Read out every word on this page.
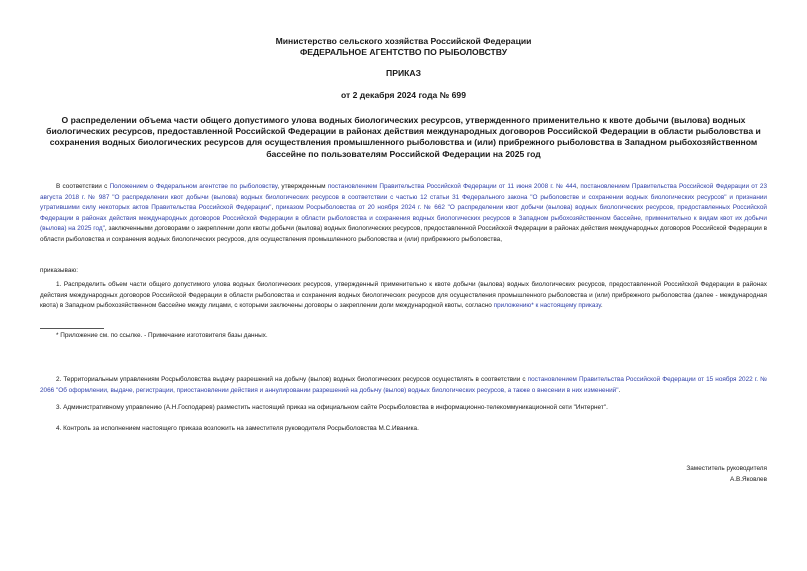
Министерство сельского хозяйства Российской Федерации
ФЕДЕРАЛЬНОЕ АГЕНТСТВО ПО РЫБОЛОВСТВУ
ПРИКАЗ
от 2 декабря 2024 года № 699
О распределении объема части общего допустимого улова водных биологических ресурсов, утвержденного применительно к квоте добычи (вылова) водных биологических ресурсов, предоставленной Российской Федерации в районах действия международных договоров Российской Федерации в области рыболовства и сохранения водных биологических ресурсов для осуществления промышленного рыболовства и (или) прибрежного рыболовства в Западном рыбохозяйственном бассейне по пользователям Российской Федерации на 2025 год
В соответствии с Положением о Федеральном агентстве по рыболовству, утвержденным постановлением Правительства Российской Федерации от 11 июня 2008 г. № 444, постановлением Правительства Российской Федерации от 23 августа 2018 г. № 987 "О распределении квот добычи (вылова) водных биологических ресурсов в соответствии с частью 12 статьи 31 Федерального закона "О рыболовстве и сохранении водных биологических ресурсов" и признании утратившими силу некоторых актов Правительства Российской Федерации", приказом Росрыболовства от 20 ноября 2024 г. № 662 "О распределении квот добычи (вылова) водных биологических ресурсов, предоставленных Российской Федерации в районах действия международных договоров Российской Федерации в области рыболовства и сохранения водных биологических ресурсов в Западном рыбохозяйственном бассейне, применительно к видам квот их добычи (вылова) на 2025 год", заключенными договорами о закреплении доли квоты добычи (вылова) водных биологических ресурсов, предоставленной Российской Федерации в районах действия международных договоров Российской Федерации в области рыболовства и сохранения водных биологических ресурсов, для осуществления промышленного рыболовства и (или) прибрежного рыболовства,
приказываю:
1. Распределить объем части общего допустимого улова водных биологических ресурсов, утвержденный применительно к квоте добычи (вылова) водных биологических ресурсов, предоставленной Российской Федерации в районах действия международных договоров Российской Федерации в области рыболовства и сохранения водных биологических ресурсов для осуществления промышленного рыболовства и (или) прибрежного рыболовства (далее - международная квота) в Западном рыбохозяйственном бассейне между лицами, с которыми заключены договоры о закреплении доли международной квоты, согласно приложению* к настоящему приказу.
* Приложение см. по ссылке. - Примечание изготовителя базы данных.
2. Территориальным управлениям Росрыболовства выдачу разрешений на добычу (вылов) водных биологических ресурсов осуществлять в соответствии с постановлением Правительства Российской Федерации от 15 ноября 2022 г. № 2066 "Об оформлении, выдаче, регистрации, приостановлении действия и аннулировании разрешений на добычу (вылов) водных биологических ресурсов, а также о внесении в них изменений".
3. Административному управлению (А.Н.Господарев) разместить настоящий приказ на официальном сайте Росрыболовства в информационно-телекоммуникационной сети "Интернет".
4. Контроль за исполнением настоящего приказа возложить на заместителя руководителя Росрыболовства М.С.Иваника.
Заместитель руководителя
А.В.Яковлев
